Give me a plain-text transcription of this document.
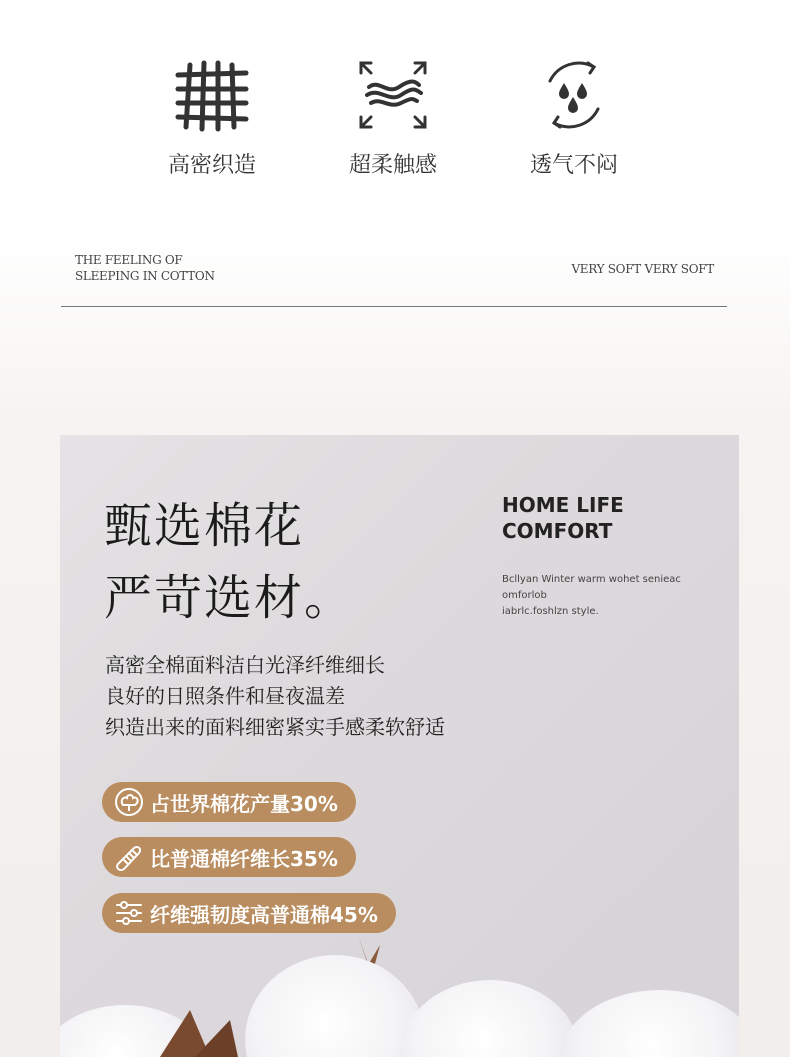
高密织造	超柔触感	透气不闷
THE FEELING OF
SLEEPING IN COTTON	VERY SOFT VERY SOFT
甄选棉花
严苛选材。
HOME LIFE
COMFORT
Bcllyan Winter warm wohet senieac
omforlob
iabrlc.foshlzn style.
高密全棉面料洁白光泽纤维细长
良好的日照条件和昼夜温差
织造出来的面料细密紧实手感柔软舒适
占世界棉花产量30%
比普通棉纤维长35%
纤维强韧度高普通棉45%
